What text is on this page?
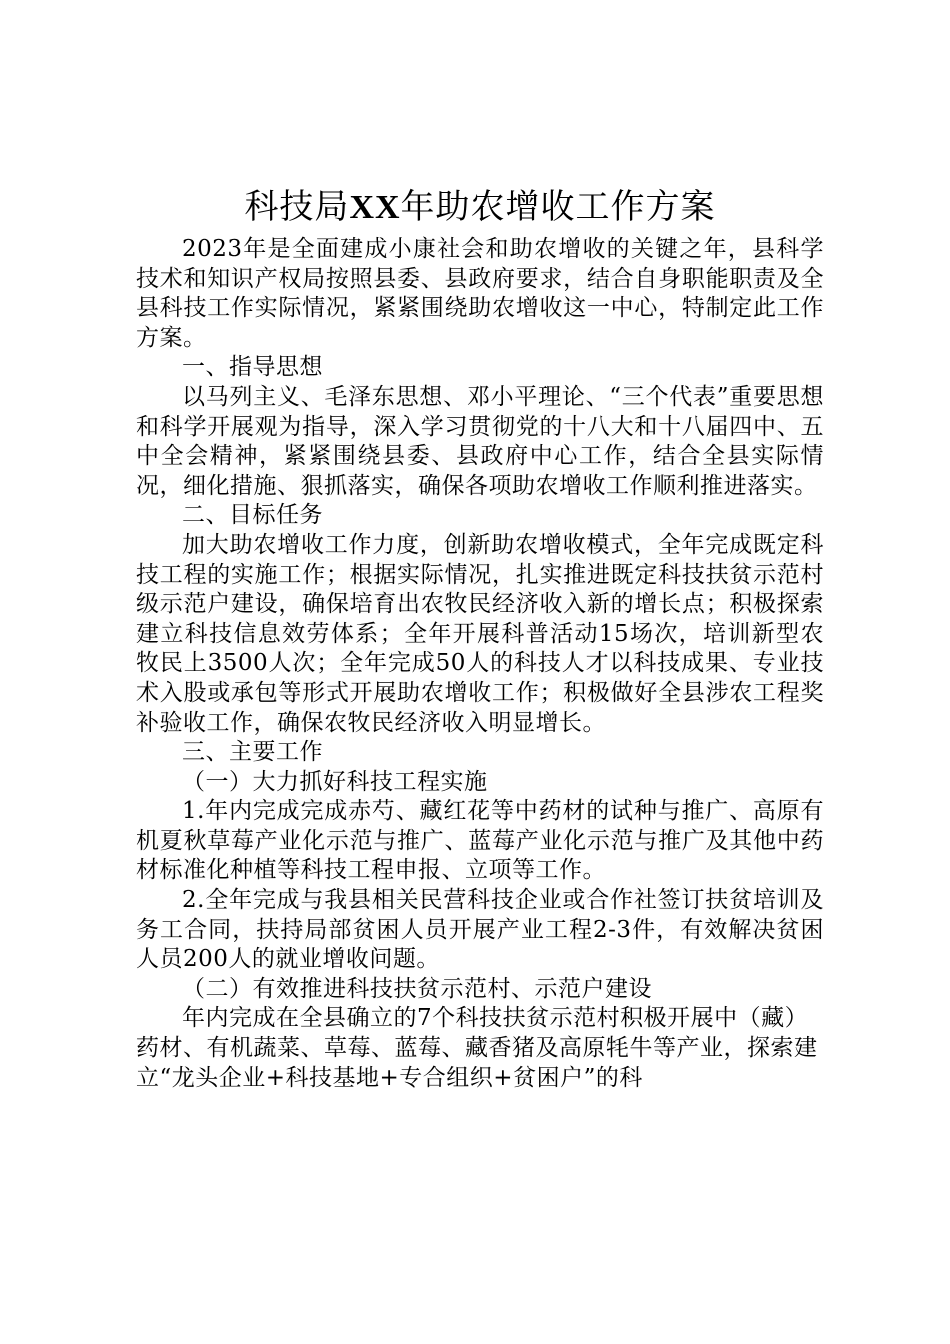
科技局XX年助农增收工作方案

2023年是全面建成小康社会和助农增收的关键之年，县科学技术和知识产权局按照县委、县政府要求，结合自身职能职责及全县科技工作实际情况，紧紧围绕助农增收这一中心，特制定此工作方案。

一、指导思想

以马列主义、毛泽东思想、邓小平理论、“三个代表”重要思想和科学开展观为指导，深入学习贯彻党的十八大和十八届四中、五中全会精神，紧紧围绕县委、县政府中心工作，结合全县实际情况，细化措施、狠抓落实，确保各项助农增收工作顺利推进落实。

二、目标任务

加大助农增收工作力度，创新助农增收模式，全年完成既定科技工程的实施工作；根据实际情况，扎实推进既定科技扶贫示范村级示范户建设，确保培育出农牧民经济收入新的增长点；积极探索建立科技信息效劳体系；全年开展科普活动15场次，培训新型农牧民上3500人次；全年完成50人的科技人才以科技成果、专业技术入股或承包等形式开展助农增收工作；积极做好全县涉农工程奖补验收工作，确保农牧民经济收入明显增长。

三、主要工作

（一）大力抓好科技工程实施

1.年内完成完成赤芍、藏红花等中药材的试种与推广、高原有机夏秋草莓产业化示范与推广、蓝莓产业化示范与推广及其他中药材标准化种植等科技工程申报、立项等工作。

2.全年完成与我县相关民营科技企业或合作社签订扶贫培训及务工合同，扶持局部贫困人员开展产业工程2-3件，有效解决贫困人员200人的就业增收问题。

（二）有效推进科技扶贫示范村、示范户建设

年内完成在全县确立的7个科技扶贫示范村积极开展中（藏）药材、有机蔬菜、草莓、蓝莓、藏香猪及高原牦牛等产业，探索建立“龙头企业+科技基地+专合组织+贫困户”的科
